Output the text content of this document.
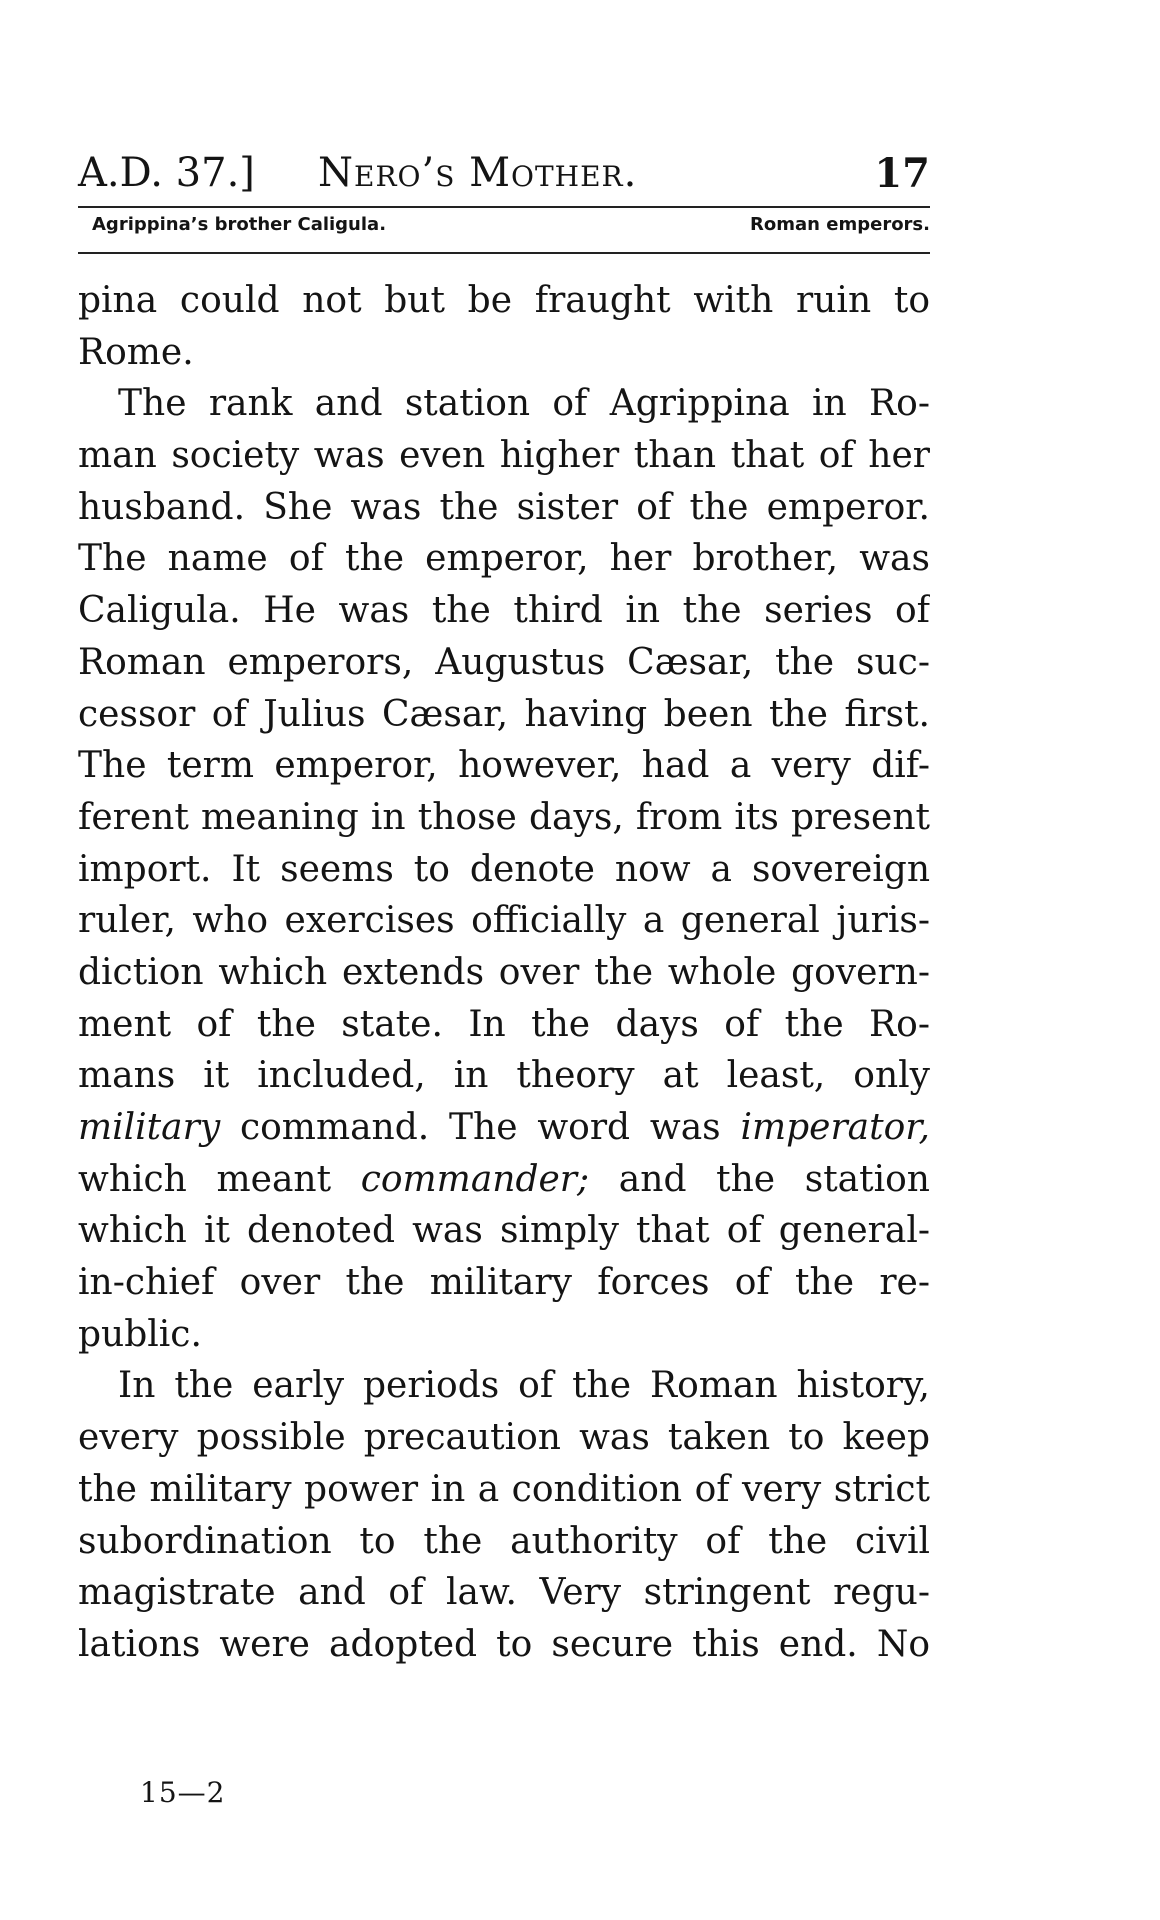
A.D. 37.] Nero’s Mother.	17
Agrippina’s brother Caligula.	Roman emperors.
pina could not but be fraught with ruin to
Rome.
The rank and station of Agrippina in Ro-
man society was even higher than that of her
husband. She was the sister of the emperor.
The name of the emperor, her brother, was
Caligula. He was the third in the series of
Roman emperors, Augustus Cæsar, the suc-
cessor of Julius Cæsar, having been the first.
The term emperor, however, had a very dif-
ferent meaning in those days, from its present
import. It seems to denote now a sovereign
ruler, who exercises officially a general juris-
diction which extends over the whole govern-
ment of the state. In the days of the Ro-
mans it included, in theory at least, only
military command. The word was imperator,
which meant commander; and the station
which it denoted was simply that of general-
in-chief over the military forces of the re-
public.
In the early periods of the Roman history,
every possible precaution was taken to keep
the military power in a condition of very strict
subordination to the authority of the civil
magistrate and of law. Very stringent regu-
lations were adopted to secure this end. No
15—2
